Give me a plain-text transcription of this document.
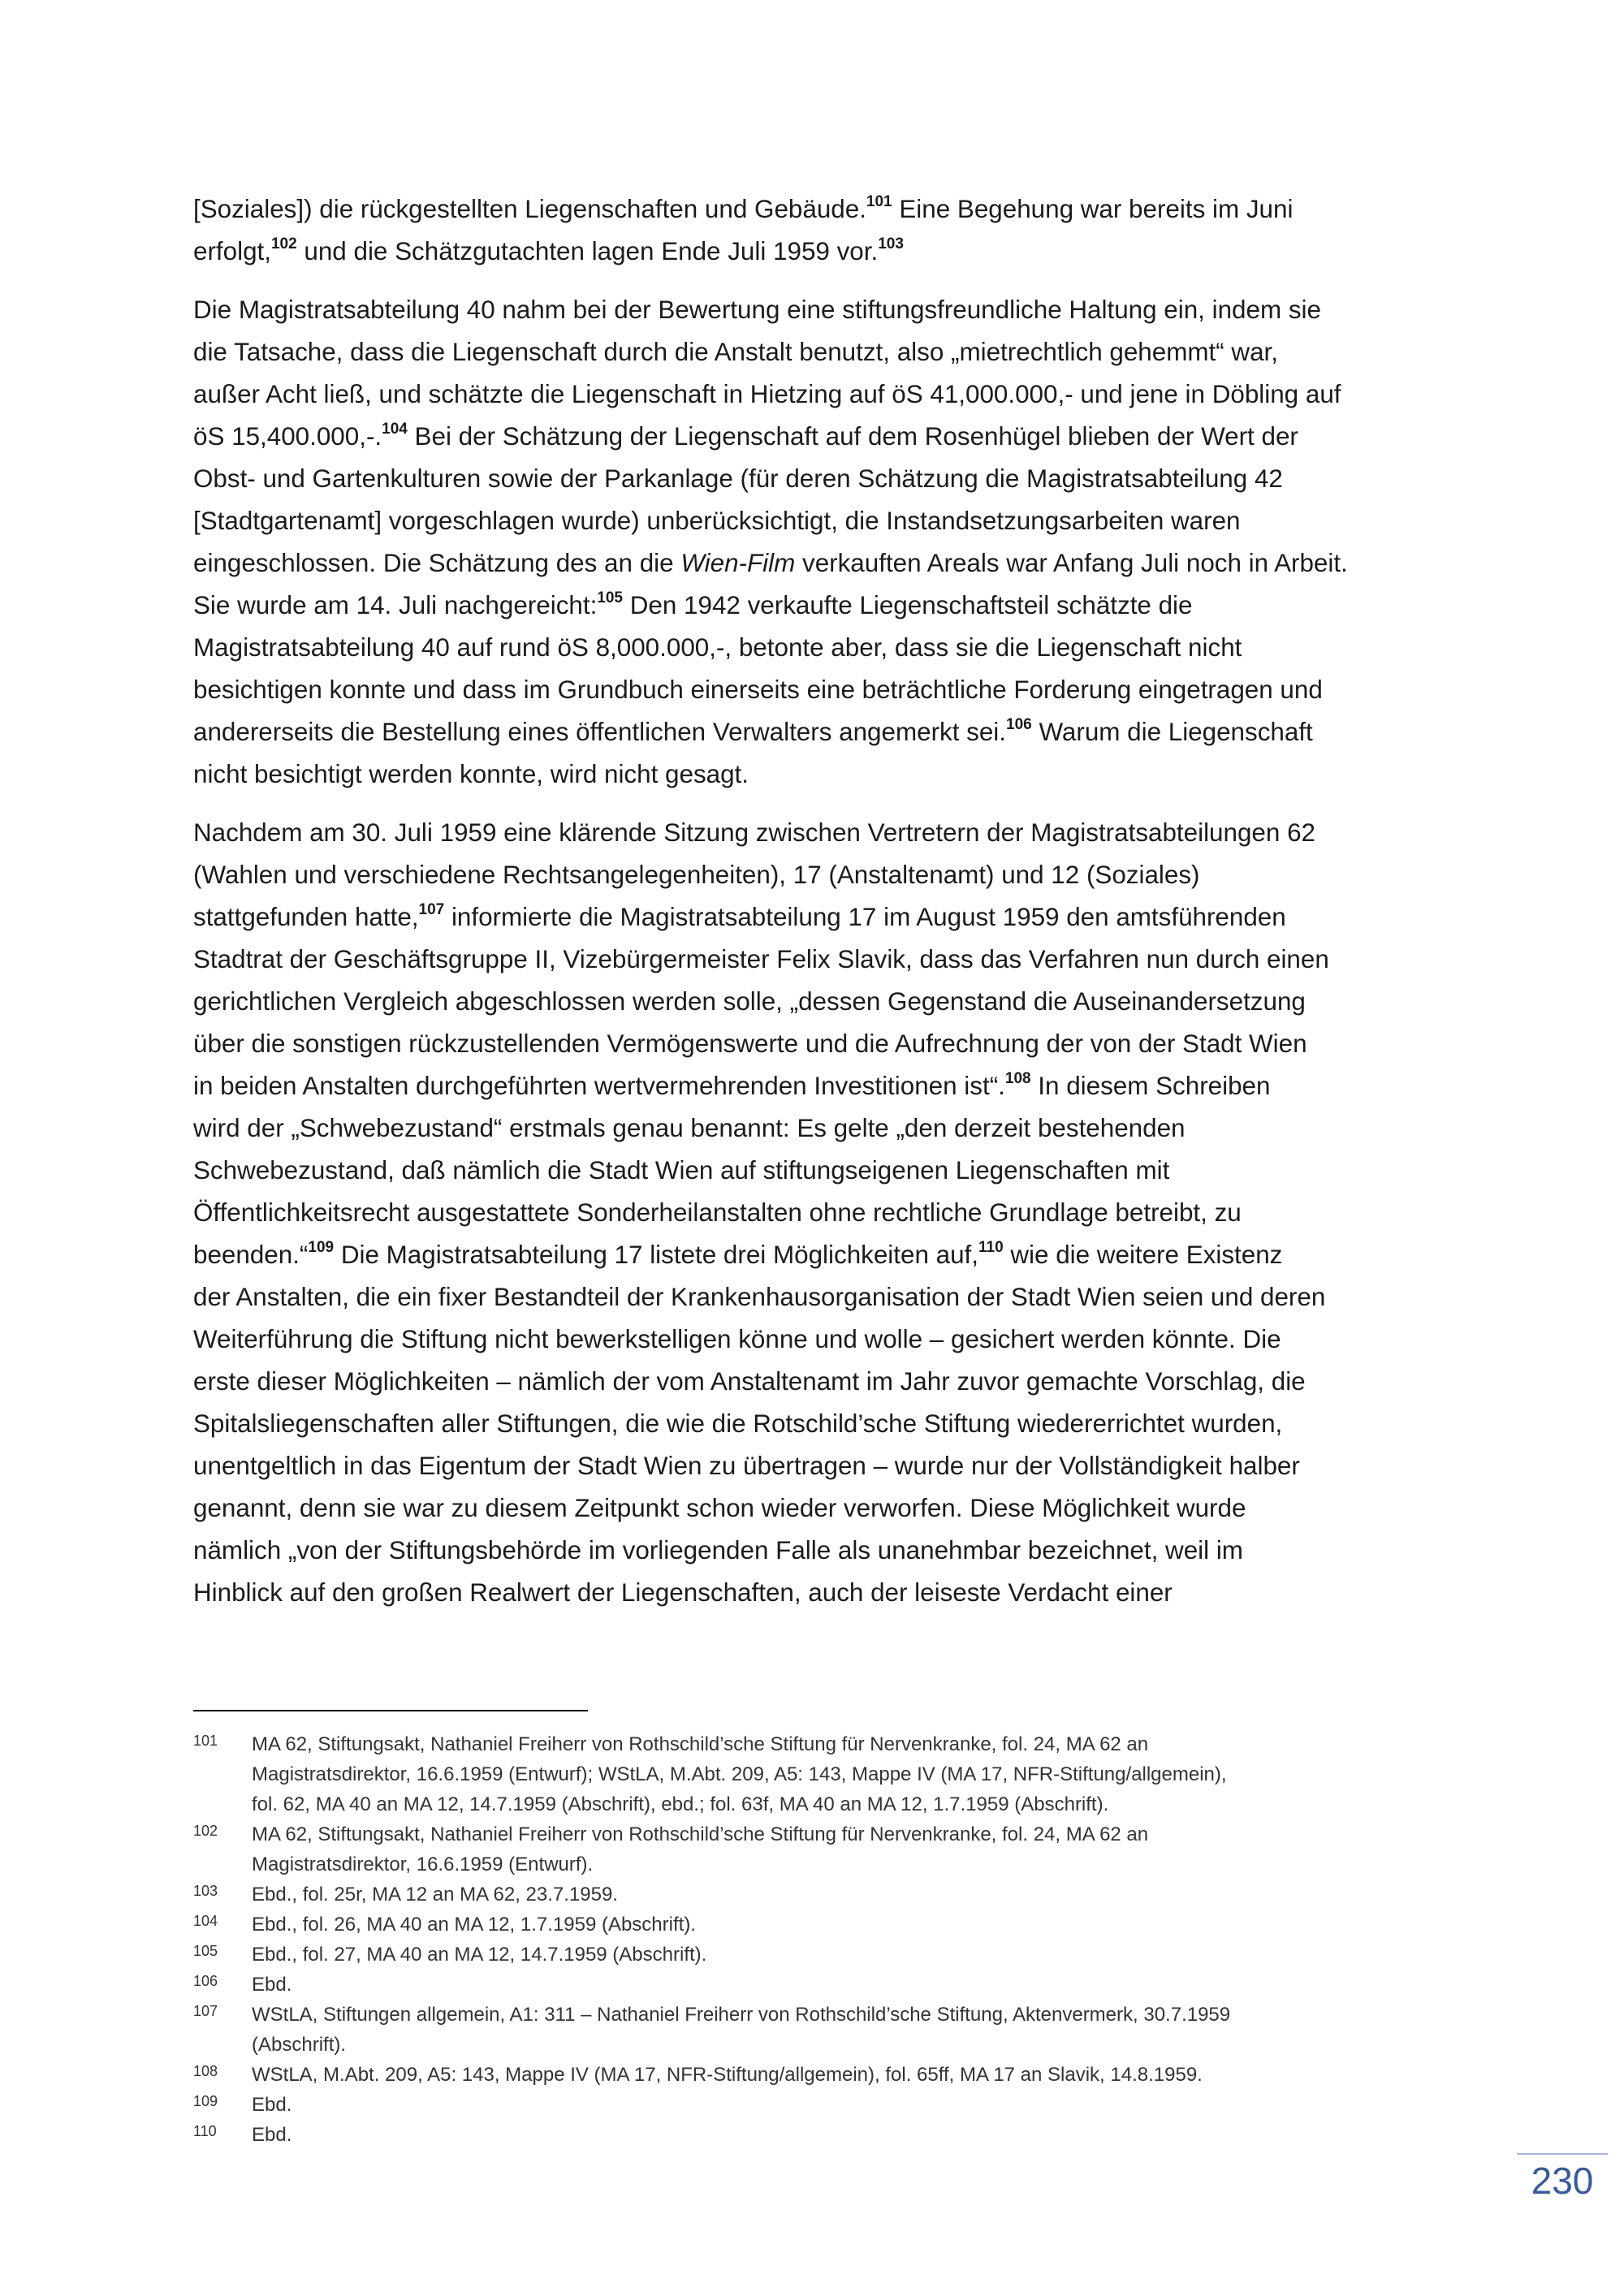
[Soziales]) die rückgestellten Liegenschaften und Gebäude.$^{101}$ Eine Begehung war bereits im Juni
erfolgt,$^{102}$ und die Schätzgutachten lagen Ende Juli 1959 vor.$^{103}$

Die Magistratsabteilung 40 nahm bei der Bewertung eine stiftungsfreundliche Haltung ein, indem sie
die Tatsache, dass die Liegenschaft durch die Anstalt benutzt, also „mietrechtlich gehemmt“ war,
außer Acht ließ, und schätzte die Liegenschaft in Hietzing auf öS 41,000.000,- und jene in Döbling auf
öS 15,400.000,-.$^{104}$ Bei der Schätzung der Liegenschaft auf dem Rosenhügel blieben der Wert der
Obst- und Gartenkulturen sowie der Parkanlage (für deren Schätzung die Magistratsabteilung 42
[Stadtgartenamt] vorgeschlagen wurde) unberücksichtigt, die Instandsetzungsarbeiten waren
eingeschlossen. Die Schätzung des an die Wien-Film verkauften Areals war Anfang Juli noch in Arbeit.
Sie wurde am 14. Juli nachgereicht:$^{105}$ Den 1942 verkaufte Liegenschaftsteil schätzte die
Magistratsabteilung 40 auf rund öS 8,000.000,-, betonte aber, dass sie die Liegenschaft nicht
besichtigen konnte und dass im Grundbuch einerseits eine beträchtliche Forderung eingetragen und
andererseits die Bestellung eines öffentlichen Verwalters angemerkt sei.$^{106}$ Warum die Liegenschaft
nicht besichtigt werden konnte, wird nicht gesagt.

Nachdem am 30. Juli 1959 eine klärende Sitzung zwischen Vertretern der Magistratsabteilungen 62
(Wahlen und verschiedene Rechtsangelegenheiten), 17 (Anstaltenamt) und 12 (Soziales)
stattgefunden hatte,$^{107}$ informierte die Magistratsabteilung 17 im August 1959 den amtsführenden
Stadtrat der Geschäftsgruppe II, Vizebürgermeister Felix Slavik, dass das Verfahren nun durch einen
gerichtlichen Vergleich abgeschlossen werden solle, „dessen Gegenstand die Auseinandersetzung
über die sonstigen rückzustellenden Vermögenswerte und die Aufrechnung der von der Stadt Wien
in beiden Anstalten durchgeführten wertvermehrenden Investitionen ist“.$^{108}$ In diesem Schreiben
wird der „Schwebezustand“ erstmals genau benannt: Es gelte „den derzeit bestehenden
Schwebezustand, daß nämlich die Stadt Wien auf stiftungseigenen Liegenschaften mit
Öffentlichkeitsrecht ausgestattete Sonderheilanstalten ohne rechtliche Grundlage betreibt, zu
beenden.“$^{109}$ Die Magistratsabteilung 17 listete drei Möglichkeiten auf,$^{110}$ wie die weitere Existenz
der Anstalten, die ein fixer Bestandteil der Krankenhausorganisation der Stadt Wien seien und deren
Weiterführung die Stiftung nicht bewerkstelligen könne und wolle – gesichert werden könnte. Die
erste dieser Möglichkeiten – nämlich der vom Anstaltenamt im Jahr zuvor gemachte Vorschlag, die
Spitalsliegenschaften aller Stiftungen, die wie die Rotschild’sche Stiftung wiedererrichtet wurden,
unentgeltlich in das Eigentum der Stadt Wien zu übertragen – wurde nur der Vollständigkeit halber
genannt, denn sie war zu diesem Zeitpunkt schon wieder verworfen. Diese Möglichkeit wurde
nämlich „von der Stiftungsbehörde im vorliegenden Falle als unanehmbar bezeichnet, weil im
Hinblick auf den großen Realwert der Liegenschaften, auch der leiseste Verdacht einer

101 MA 62, Stiftungsakt, Nathaniel Freiherr von Rothschild’sche Stiftung für Nervenkranke, fol. 24, MA 62 an
Magistratsdirektor, 16.6.1959 (Entwurf); WStLA, M.Abt. 209, A5: 143, Mappe IV (MA 17, NFR-Stiftung/allgemein),
fol. 62, MA 40 an MA 12, 14.7.1959 (Abschrift), ebd.; fol. 63f, MA 40 an MA 12, 1.7.1959 (Abschrift).
102 MA 62, Stiftungsakt, Nathaniel Freiherr von Rothschild’sche Stiftung für Nervenkranke, fol. 24, MA 62 an
Magistratsdirektor, 16.6.1959 (Entwurf).
103 Ebd., fol. 25r, MA 12 an MA 62, 23.7.1959.
104 Ebd., fol. 26, MA 40 an MA 12, 1.7.1959 (Abschrift).
105 Ebd., fol. 27, MA 40 an MA 12, 14.7.1959 (Abschrift).
106 Ebd.
107 WStLA, Stiftungen allgemein, A1: 311 – Nathaniel Freiherr von Rothschild’sche Stiftung, Aktenvermerk, 30.7.1959
(Abschrift).
108 WStLA, M.Abt. 209, A5: 143, Mappe IV (MA 17, NFR-Stiftung/allgemein), fol. 65ff, MA 17 an Slavik, 14.8.1959.
109 Ebd.
110 Ebd.
230
